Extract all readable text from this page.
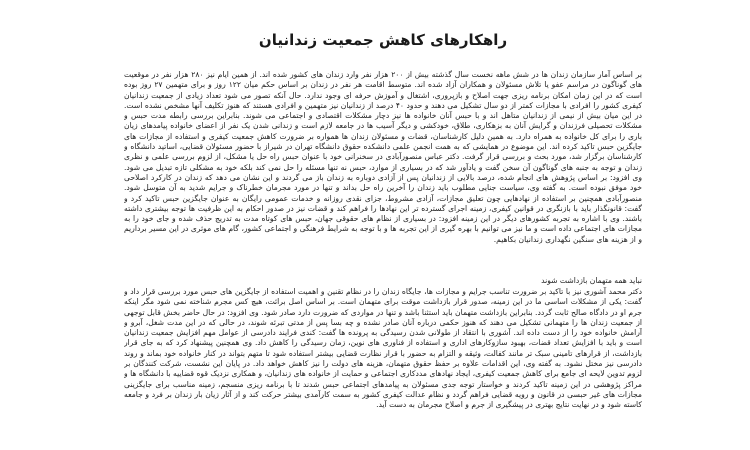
راهکارهای کاهش جمعیت زندانیان

بر اساس آمار سازمان زندان ها در شش ماهه نخست سال گذشته بیش از ۲۰۰ هزار نفر وارد زندان های کشور شده اند. از همین ایام نیز ۲۸۰ هزار نفر در موقعیت های گوناگون در مراسم عفو یا تلاش مسئولان و همکاران آزاد شده اند. متوسط اقامت هر نفر در زندان بر اساس حکم میان ۱۲۲ روز و برای متهمین ۲۷ روز بوده است که در این زمان امکان برنامه ریزی جهت اصلاح و بازپروری، اشتغال و آموزش حرفه ای وجود ندارد. حال آنکه تصور می شود تعداد زیادی از جمعیت زندانیان کیفری کشور را افرادی با مجازات کمتر از دو سال تشکیل می دهند و حدود ۴۰ درصد از زندانیان نیز متهمین و افرادی هستند که هنوز تکلیف آنها مشخص نشده است. در این میان بیش از نیمی از زندانیان متاهل اند و با حبس آنان خانواده ها نیز دچار مشکلات اقتصادی و اجتماعی می شوند. بنابراین بررسی رابطه مدت حبس و مشکلات تحصیلی فرزندان و گرایش آنان به بزهکاری، طلاق، خودکشی و دیگر آسیب ها در جامعه لازم است و زندانی شدن یک نفر از اعضای خانواده پیامدهای زیان باری را برای کل خانواده به همراه دارد. به همین دلیل کارشناسان، قضات و مسئولان زندان ها همواره بر ضرورت کاهش جمعیت کیفری و استفاده از مجازات های جایگزین حبس تاکید کرده اند. این موضوع در همایشی که به همت انجمن علمی دانشکده حقوق دانشگاه تهران در شیراز با حضور مسئولان قضایی، اساتید دانشگاه و کارشناسان برگزار شد، مورد بحث و بررسی قرار گرفت. دکتر عباس منصورآبادی در سخنرانی خود با عنوان حبس راه حل یا مشکل، از لزوم بررسی علمی و نظری زندان و توجه به جنبه های گوناگون آن سخن گفت و یادآور شد که در بسیاری از موارد، حبس نه تنها مسئله را حل نمی کند بلکه خود به مشکلی تازه تبدیل می شود. وی افزود: بر اساس پژوهش های انجام شده، درصد بالایی از زندانیان پس از آزادی دوباره به زندان باز می گردند و این نشان می دهد که زندان در کارکرد اصلاحی خود موفق نبوده است. به گفته وی، سیاست جنایی مطلوب باید زندان را آخرین راه حل بداند و تنها در مورد مجرمان خطرناک و جرایم شدید به آن متوسل شود. منصورآبادی همچنین بر استفاده از نهادهایی چون تعلیق مجازات، آزادی مشروط، جزای نقدی روزانه و خدمات عمومی رایگان به عنوان جایگزین حبس تاکید کرد و گفت: قانونگذار باید با بازنگری در قوانین کیفری، زمینه اجرای گسترده تر این نهادها را فراهم کند و قضات نیز در صدور احکام به این ظرفیت ها توجه بیشتری داشته باشند. وی با اشاره به تجربه کشورهای دیگر در این زمینه افزود: در بسیاری از نظام های حقوقی جهان، حبس های کوتاه مدت به تدریج حذف شده و جای خود را به مجازات های اجتماعی داده است و ما نیز می توانیم با بهره گیری از این تجربه ها و با توجه به شرایط فرهنگی و اجتماعی کشور، گام های موثری در این مسیر برداریم و از هزینه های سنگین نگهداری زندانیان بکاهیم.

نباید همه متهمان بازداشت شوند

دکتر محمد آشوری نیز با تاکید بر ضرورت تناسب جرایم و مجازات ها، جایگاه زندان را در نظام تقنین و اهمیت استفاده از جایگزین های حبس مورد بررسی قرار داد و گفت: یکی از مشکلات اساسی ما در این زمینه، صدور قرار بازداشت موقت برای متهمان است. بر اساس اصل برائت، هیچ کس مجرم شناخته نمی شود مگر اینکه جرم او در دادگاه صالح ثابت گردد. بنابراین بازداشت متهمان باید استثنا باشد و تنها در مواردی که ضرورت دارد صادر شود. وی افزود: در حال حاضر بخش قابل توجهی از جمعیت زندان ها را متهمانی تشکیل می دهند که هنوز حکمی درباره آنان صادر نشده و چه بسا پس از مدتی تبرئه شوند، در حالی که در این مدت شغل، آبرو و آرامش خانواده خود را از دست داده اند. آشوری با انتقاد از طولانی شدن رسیدگی به پرونده ها گفت: کندی فرایند دادرسی از عوامل مهم افزایش جمعیت زندانیان است و باید با افزایش تعداد قضات، بهبود سازوکارهای اداری و استفاده از فناوری های نوین، زمان رسیدگی را کاهش داد. وی همچنین پیشنهاد کرد که به جای قرار بازداشت، از قرارهای تامینی سبک تر مانند کفالت، وثیقه و التزام به حضور با قرار نظارت قضایی بیشتر استفاده شود تا متهم بتواند در کنار خانواده خود بماند و روند دادرسی نیز مختل نشود. به گفته وی، این اقدامات علاوه بر حفظ حقوق متهمان، هزینه های دولت را نیز کاهش خواهد داد. در پایان این نشست، شرکت کنندگان بر لزوم تدوین لایحه ای جامع برای کاهش جمعیت کیفری، ایجاد نهادهای مددکاری اجتماعی و حمایت از خانواده های زندانیان، و همکاری نزدیک قوه قضاییه با دانشگاه ها و مراکز پژوهشی در این زمینه تاکید کردند و خواستار توجه جدی مسئولان به پیامدهای اجتماعی حبس شدند تا با برنامه ریزی منسجم، زمینه مناسب برای جایگزینی مجازات های غیر حبسی در قانون و رویه قضایی فراهم گردد و نظام عدالت کیفری کشور به سمت کارآمدی بیشتر حرکت کند و از آثار زیان بار زندان بر فرد و جامعه کاسته شود و در نهایت نتایج بهتری در پیشگیری از جرم و اصلاح مجرمان به دست آید.
